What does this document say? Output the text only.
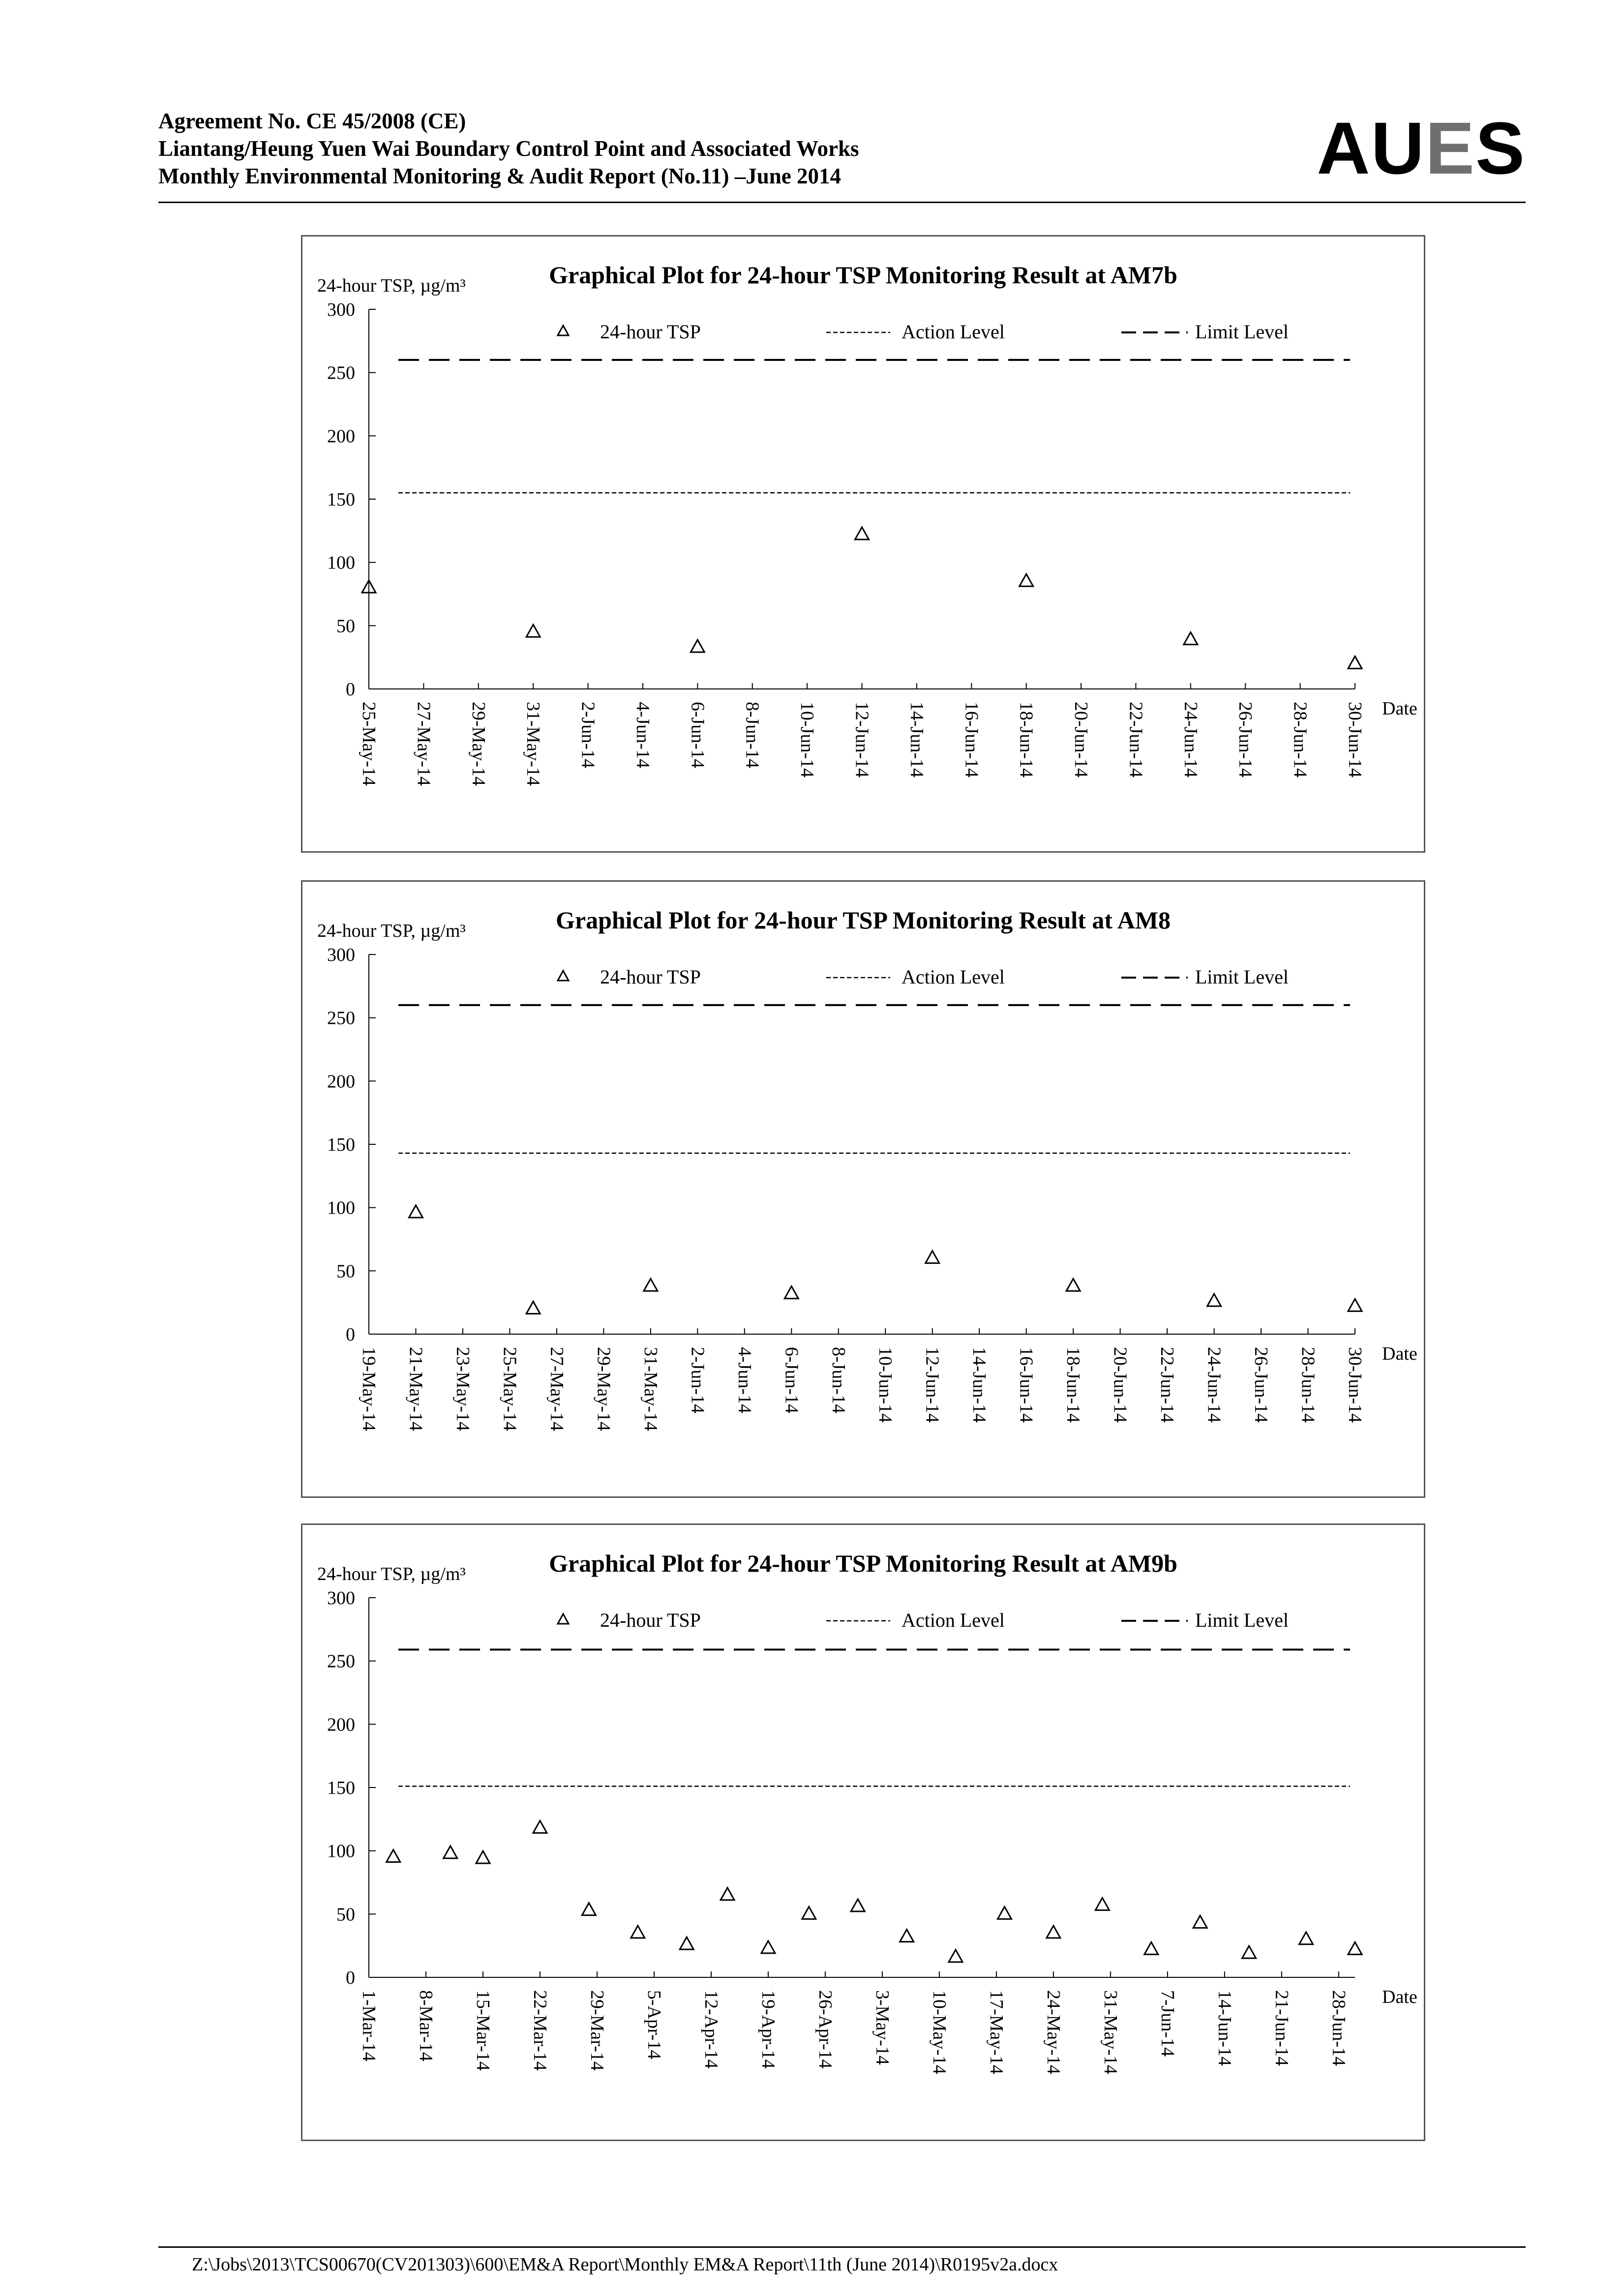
Agreement No. CE 45/2008 (CE)
Liantang/Heung Yuen Wai Boundary Control Point and Associated Works
Monthly Environmental Monitoring & Audit Report (No.11) –June 2014	AUES
Graphical Plot for 24-hour TSP Monitoring Result at AM7b
24-hour TSP, µg/m³
0
50
100
150
200
250
300
25-May-14 27-May-14 29-May-14 31-May-14 2-Jun-14 4-Jun-14 6-Jun-14 8-Jun-14 10-Jun-14 12-Jun-14 14-Jun-14 16-Jun-14 18-Jun-14 20-Jun-14 22-Jun-14 24-Jun-14 26-Jun-14 28-Jun-14 30-Jun-14 Date
24-hour TSP	Action Level	Limit Level
Graphical Plot for 24-hour TSP Monitoring Result at AM8
24-hour TSP, µg/m³
0
50
100
150
200
250
300
19-May-14 21-May-14 23-May-14 25-May-14 27-May-14 29-May-14 31-May-14 2-Jun-14 4-Jun-14 6-Jun-14 8-Jun-14 10-Jun-14 12-Jun-14 14-Jun-14 16-Jun-14 18-Jun-14 20-Jun-14 22-Jun-14 24-Jun-14 26-Jun-14 28-Jun-14 30-Jun-14 Date
24-hour TSP	Action Level	Limit Level
Graphical Plot for 24-hour TSP Monitoring Result at AM9b
24-hour TSP, µg/m³
0
50
100
150
200
250
300
1-Mar-14 8-Mar-14 15-Mar-14 22-Mar-14 29-Mar-14 5-Apr-14 12-Apr-14 19-Apr-14 26-Apr-14 3-May-14 10-May-14 17-May-14 24-May-14 31-May-14 7-Jun-14 14-Jun-14 21-Jun-14 28-Jun-14 Date
24-hour TSP	Action Level	Limit Level
Z:\Jobs\2013\TCS00670(CV201303)\600\EM&A Report\Monthly EM&A Report\11th (June 2014)\R0195v2a.docx
